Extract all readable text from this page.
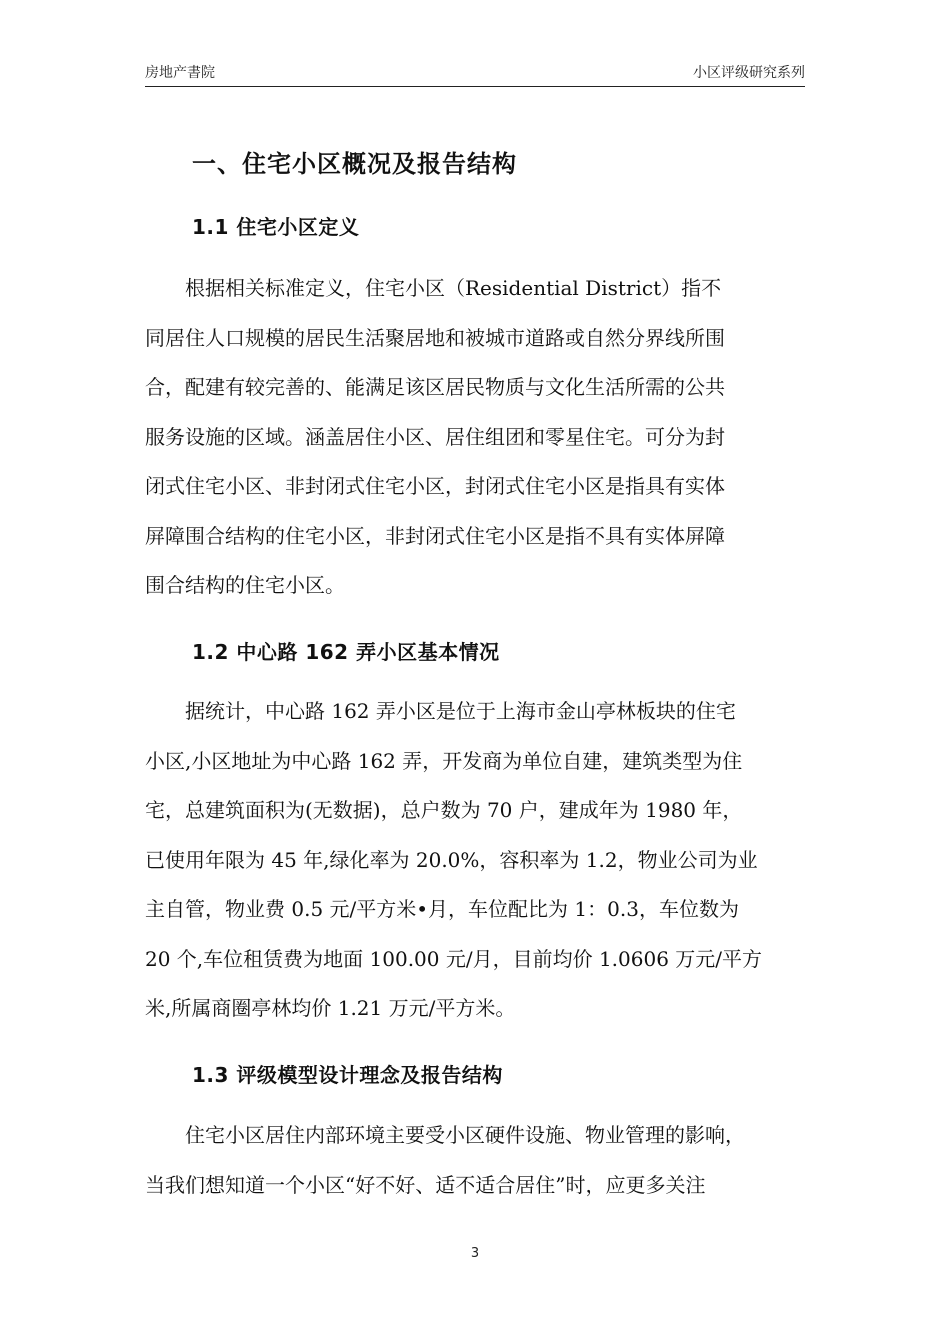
房地产書院	小区评级研究系列
一、住宅小区概况及报告结构
1.1 住宅小区定义
　　根据相关标准定义，住宅小区（Residential District）指不
同居住人口规模的居民生活聚居地和被城市道路或自然分界线所围
合，配建有较完善的、能满足该区居民物质与文化生活所需的公共
服务设施的区域。涵盖居住小区、居住组团和零星住宅。可分为封
闭式住宅小区、非封闭式住宅小区，封闭式住宅小区是指具有实体
屏障围合结构的住宅小区，非封闭式住宅小区是指不具有实体屏障
围合结构的住宅小区。
1.2 中心路 162 弄小区基本情况
　　据统计，中心路 162 弄小区是位于上海市金山亭林板块的住宅
小区,小区地址为中心路 162 弄，开发商为单位自建，建筑类型为住
宅，总建筑面积为(无数据)，总户数为 70 户，建成年为 1980 年，
已使用年限为 45 年,绿化率为 20.0%，容积率为 1.2，物业公司为业
主自管，物业费 0.5 元/平方米•月，车位配比为 1：0.3，车位数为
20 个,车位租赁费为地面 100.00 元/月，目前均价 1.0606 万元/平方
米,所属商圈亭林均价 1.21 万元/平方米。
1.3 评级模型设计理念及报告结构
　　住宅小区居住内部环境主要受小区硬件设施、物业管理的影响，
当我们想知道一个小区“好不好、适不适合居住”时，应更多关注
3
